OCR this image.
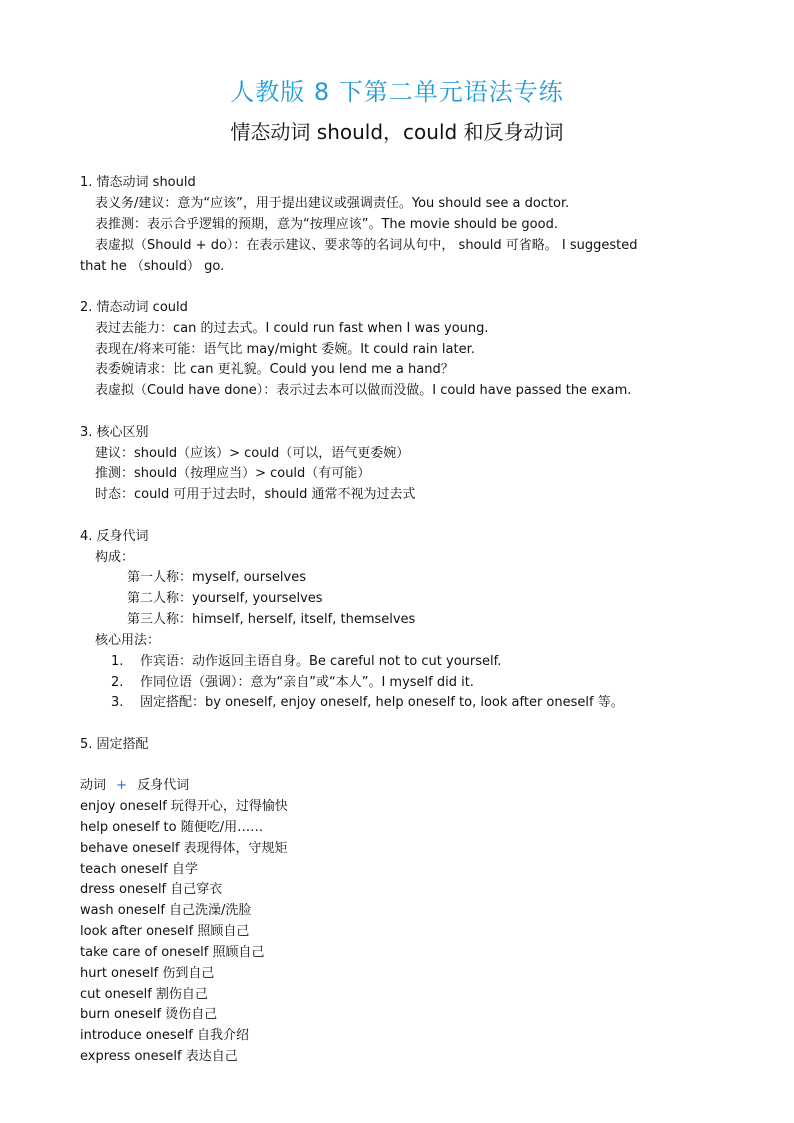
人教版 8 下第二单元语法专练
情态动词 should，could 和反身动词
1. 情态动词 should
表义务/建议：意为“应该”，用于提出建议或强调责任。You should see a doctor.
表推测：表示合乎逻辑的预期，意为“按理应该”。The movie should be good.
表虚拟（Should + do）：在表示建议、要求等的名词从句中， should 可省略。 I suggested
that he （should） go.
2. 情态动词 could
表过去能力：can 的过去式。I could run fast when I was young.
表现在/将来可能：语气比 may/might 委婉。It could rain later.
表委婉请求：比 can 更礼貌。Could you lend me a hand？
表虚拟（Could have done）：表示过去本可以做而没做。I could have passed the exam.
3. 核心区别
建议：should（应该）> could（可以，语气更委婉）
推测：should（按理应当）> could（有可能）
时态：could 可用于过去时，should 通常不视为过去式
4. 反身代词
构成：
第一人称：myself, ourselves
第二人称：yourself, yourselves
第三人称：himself, herself, itself, themselves
核心用法：
1. 作宾语：动作返回主语自身。Be careful not to cut yourself.
2. 作同位语（强调）：意为“亲自”或“本人”。I myself did it.
3. 固定搭配：by oneself, enjoy oneself, help oneself to, look after oneself 等。
5. 固定搭配
动词 + 反身代词
enjoy oneself 玩得开心，过得愉快
help oneself to 随便吃/用……
behave oneself 表现得体，守规矩
teach oneself 自学
dress oneself 自己穿衣
wash oneself 自己洗澡/洗脸
look after oneself 照顾自己
take care of oneself 照顾自己
hurt oneself 伤到自己
cut oneself 割伤自己
burn oneself 烫伤自己
introduce oneself 自我介绍
express oneself 表达自己
